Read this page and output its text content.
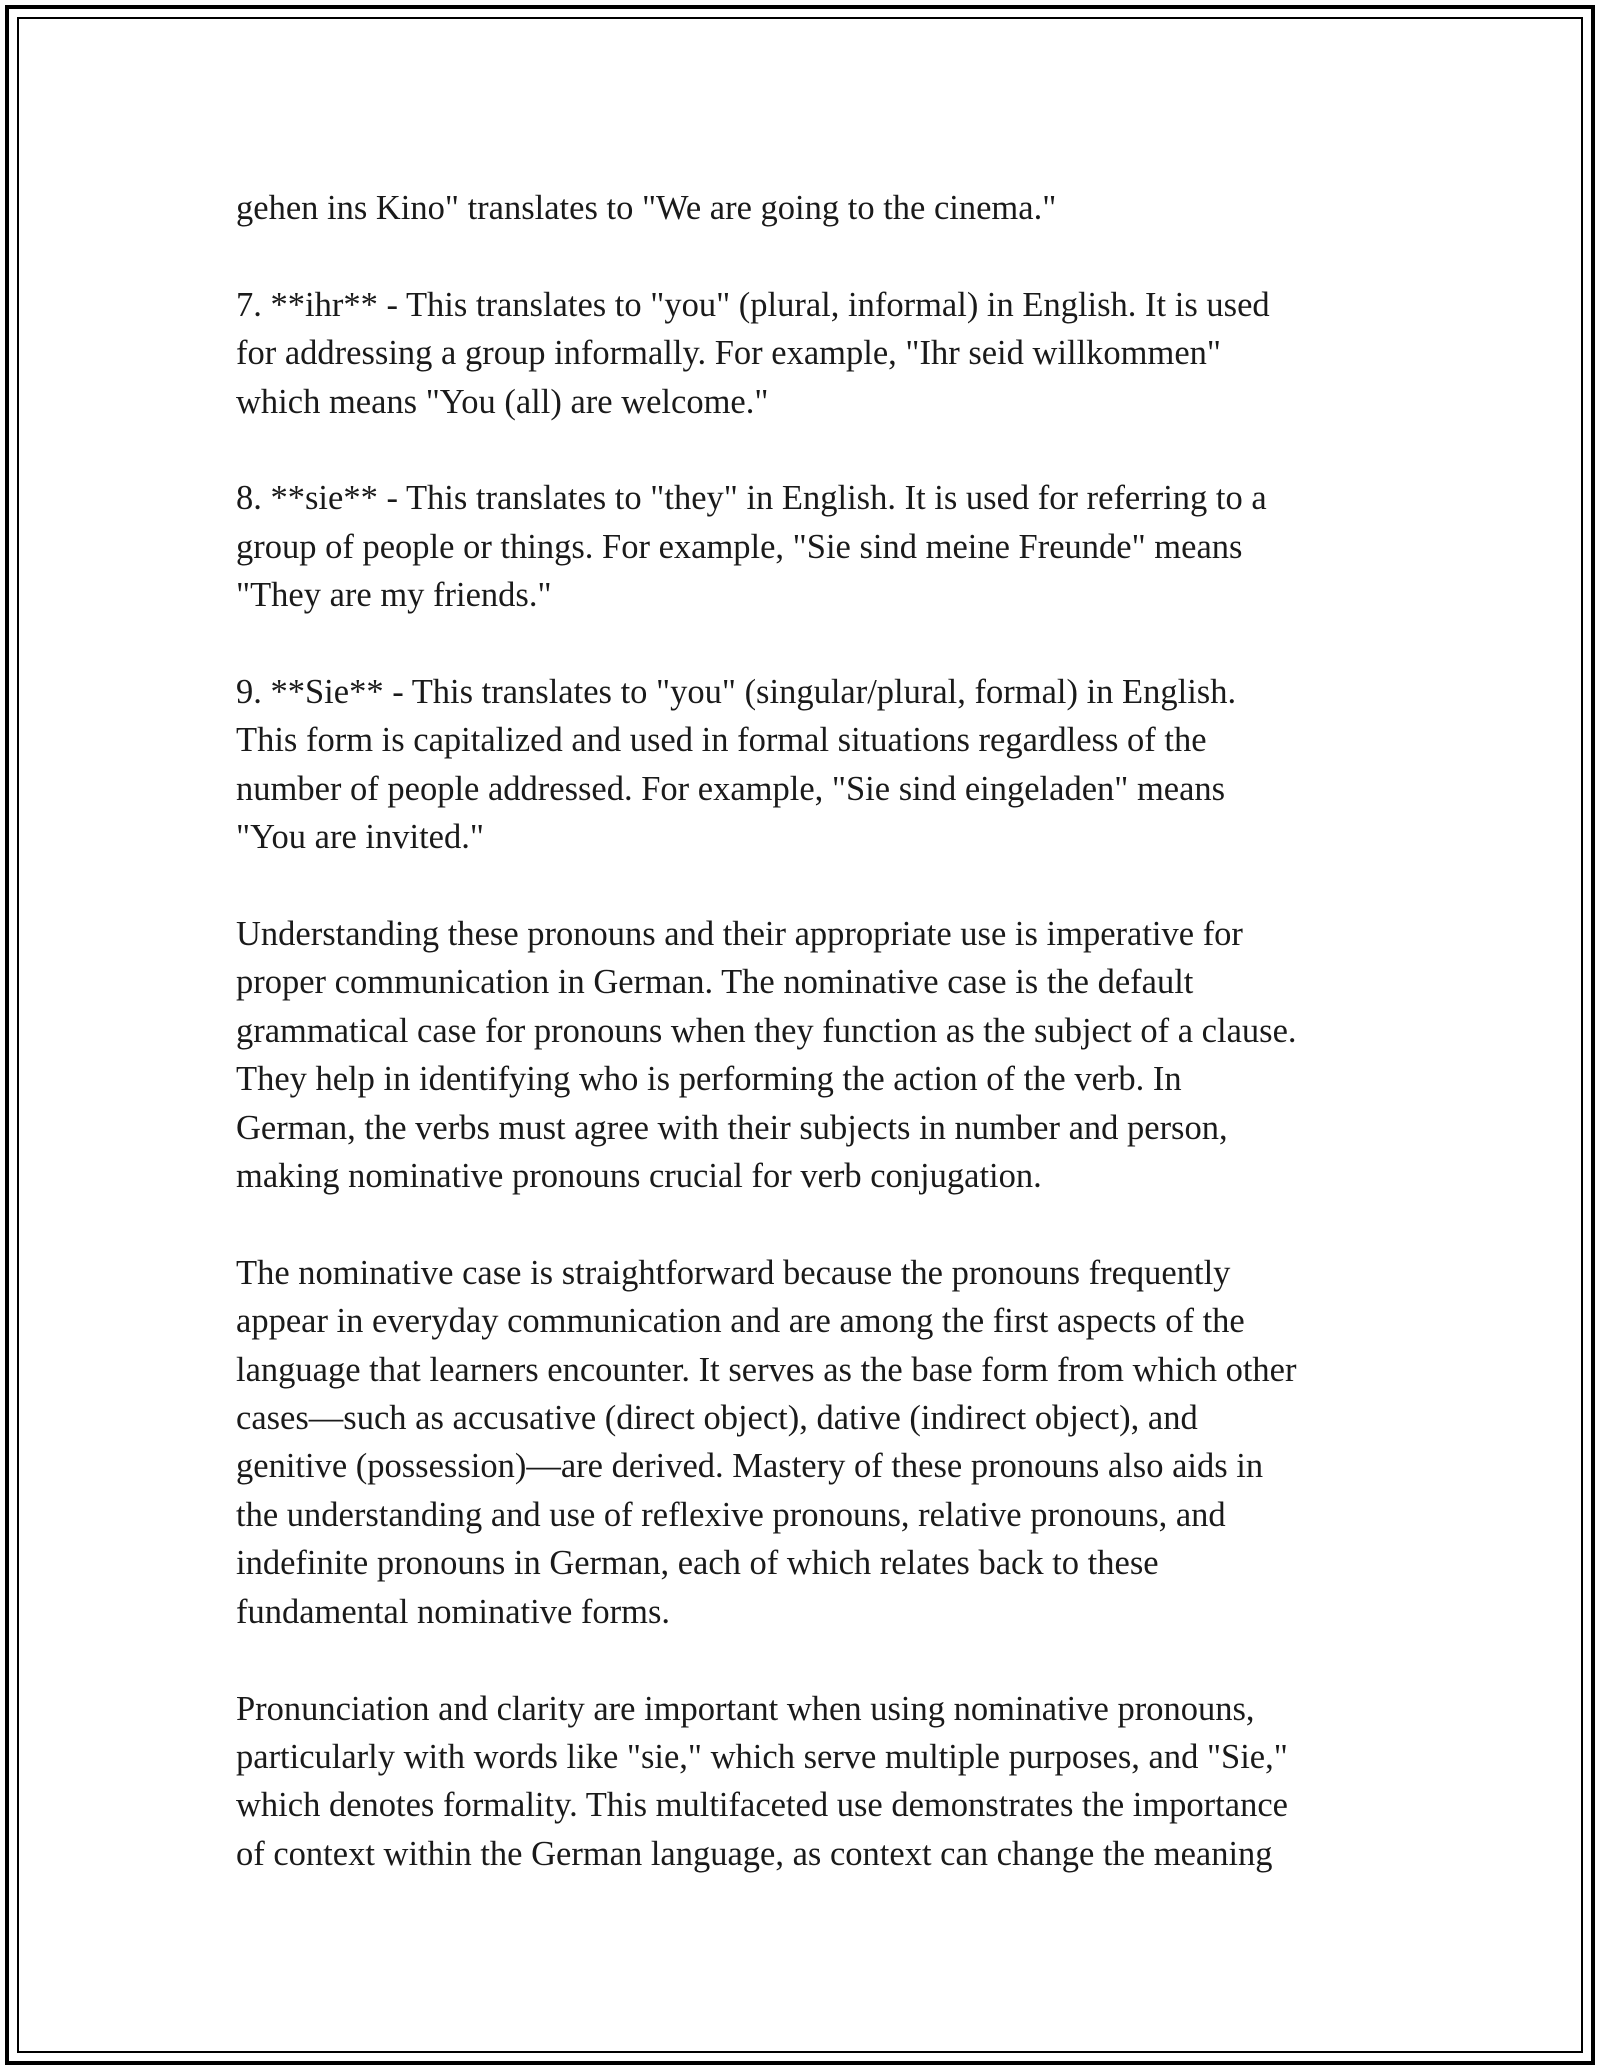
gehen ins Kino" translates to "We are going to the cinema."

7. **ihr** - This translates to "you" (plural, informal) in English. It is used
for addressing a group informally. For example, "Ihr seid willkommen"
which means "You (all) are welcome."

8. **sie** - This translates to "they" in English. It is used for referring to a
group of people or things. For example, "Sie sind meine Freunde" means
"They are my friends."

9. **Sie** - This translates to "you" (singular/plural, formal) in English.
This form is capitalized and used in formal situations regardless of the
number of people addressed. For example, "Sie sind eingeladen" means
"You are invited."

Understanding these pronouns and their appropriate use is imperative for
proper communication in German. The nominative case is the default
grammatical case for pronouns when they function as the subject of a clause.
They help in identifying who is performing the action of the verb. In
German, the verbs must agree with their subjects in number and person,
making nominative pronouns crucial for verb conjugation.

The nominative case is straightforward because the pronouns frequently
appear in everyday communication and are among the first aspects of the
language that learners encounter. It serves as the base form from which other
cases—such as accusative (direct object), dative (indirect object), and
genitive (possession)—are derived. Mastery of these pronouns also aids in
the understanding and use of reflexive pronouns, relative pronouns, and
indefinite pronouns in German, each of which relates back to these
fundamental nominative forms.

Pronunciation and clarity are important when using nominative pronouns,
particularly with words like "sie," which serve multiple purposes, and "Sie,"
which denotes formality. This multifaceted use demonstrates the importance
of context within the German language, as context can change the meaning
